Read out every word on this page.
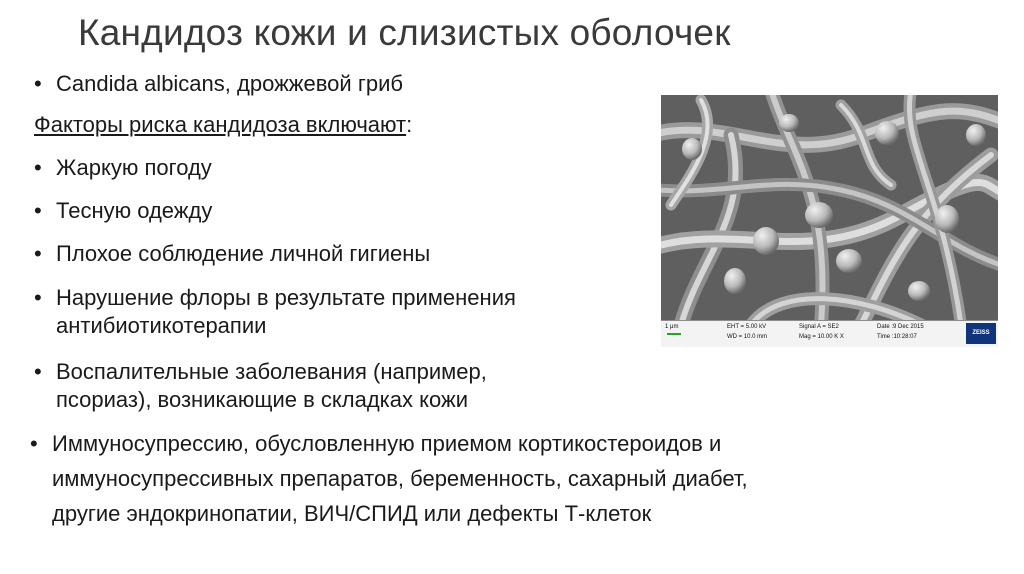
Кандидоз кожи и слизистых оболочек
• Candida albicans, дрожжевой гриб
Факторы риска кандидоза включают:
• Жаркую погоду
• Тесную одежду
• Плохое соблюдение личной гигиены
• Нарушение флоры в результате применения
антибиотикотерапии
• Воспалительные заболевания (например,
псориаз), возникающие в складках кожи
• Иммуносупрессию, обусловленную приемом кортикостероидов и
иммуносупрессивных препаратов, беременность, сахарный диабет,
другие эндокринопатии, ВИЧ/СПИД или дефекты Т-клеток
1 μm	EHT = 5.00 kV
WD = 10.0 mm
Signal A = SE2
Mag = 10.00 K X
Date :9 Dec 2015
Time :10:28:07
ZEISS
